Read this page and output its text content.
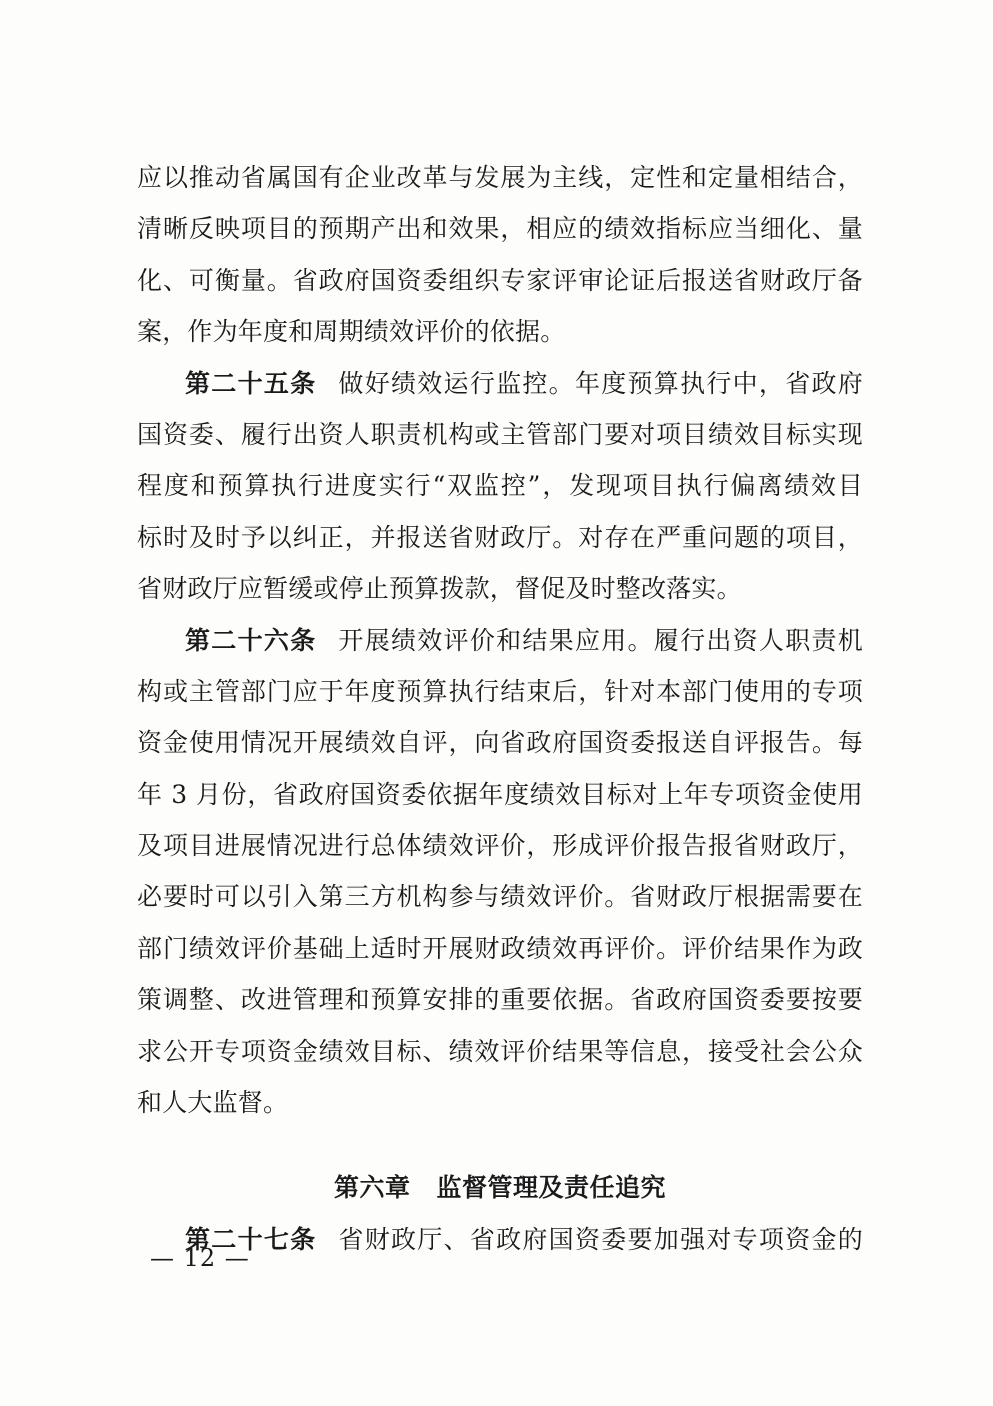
应以推动省属国有企业改革与发展为主线，定性和定量相结合，
清晰反映项目的预期产出和效果，相应的绩效指标应当细化、量
化、可衡量。省政府国资委组织专家评审论证后报送省财政厅备
案，作为年度和周期绩效评价的依据。
第二十五条 做好绩效运行监控。年度预算执行中，省政府
国资委、履行出资人职责机构或主管部门要对项目绩效目标实现
程度和预算执行进度实行“双监控”，发现项目执行偏离绩效目
标时及时予以纠正，并报送省财政厅。对存在严重问题的项目，
省财政厅应暂缓或停止预算拨款，督促及时整改落实。
第二十六条 开展绩效评价和结果应用。履行出资人职责机
构或主管部门应于年度预算执行结束后，针对本部门使用的专项
资金使用情况开展绩效自评，向省政府国资委报送自评报告。每
年 3 月份，省政府国资委依据年度绩效目标对上年专项资金使用
及项目进展情况进行总体绩效评价，形成评价报告报省财政厅，
必要时可以引入第三方机构参与绩效评价。省财政厅根据需要在
部门绩效评价基础上适时开展财政绩效再评价。评价结果作为政
策调整、改进管理和预算安排的重要依据。省政府国资委要按要
求公开专项资金绩效目标、绩效评价结果等信息，接受社会公众
和人大监督。
第六章 监督管理及责任追究
第二十七条 省财政厅、省政府国资委要加强对专项资金的
— 12 —
